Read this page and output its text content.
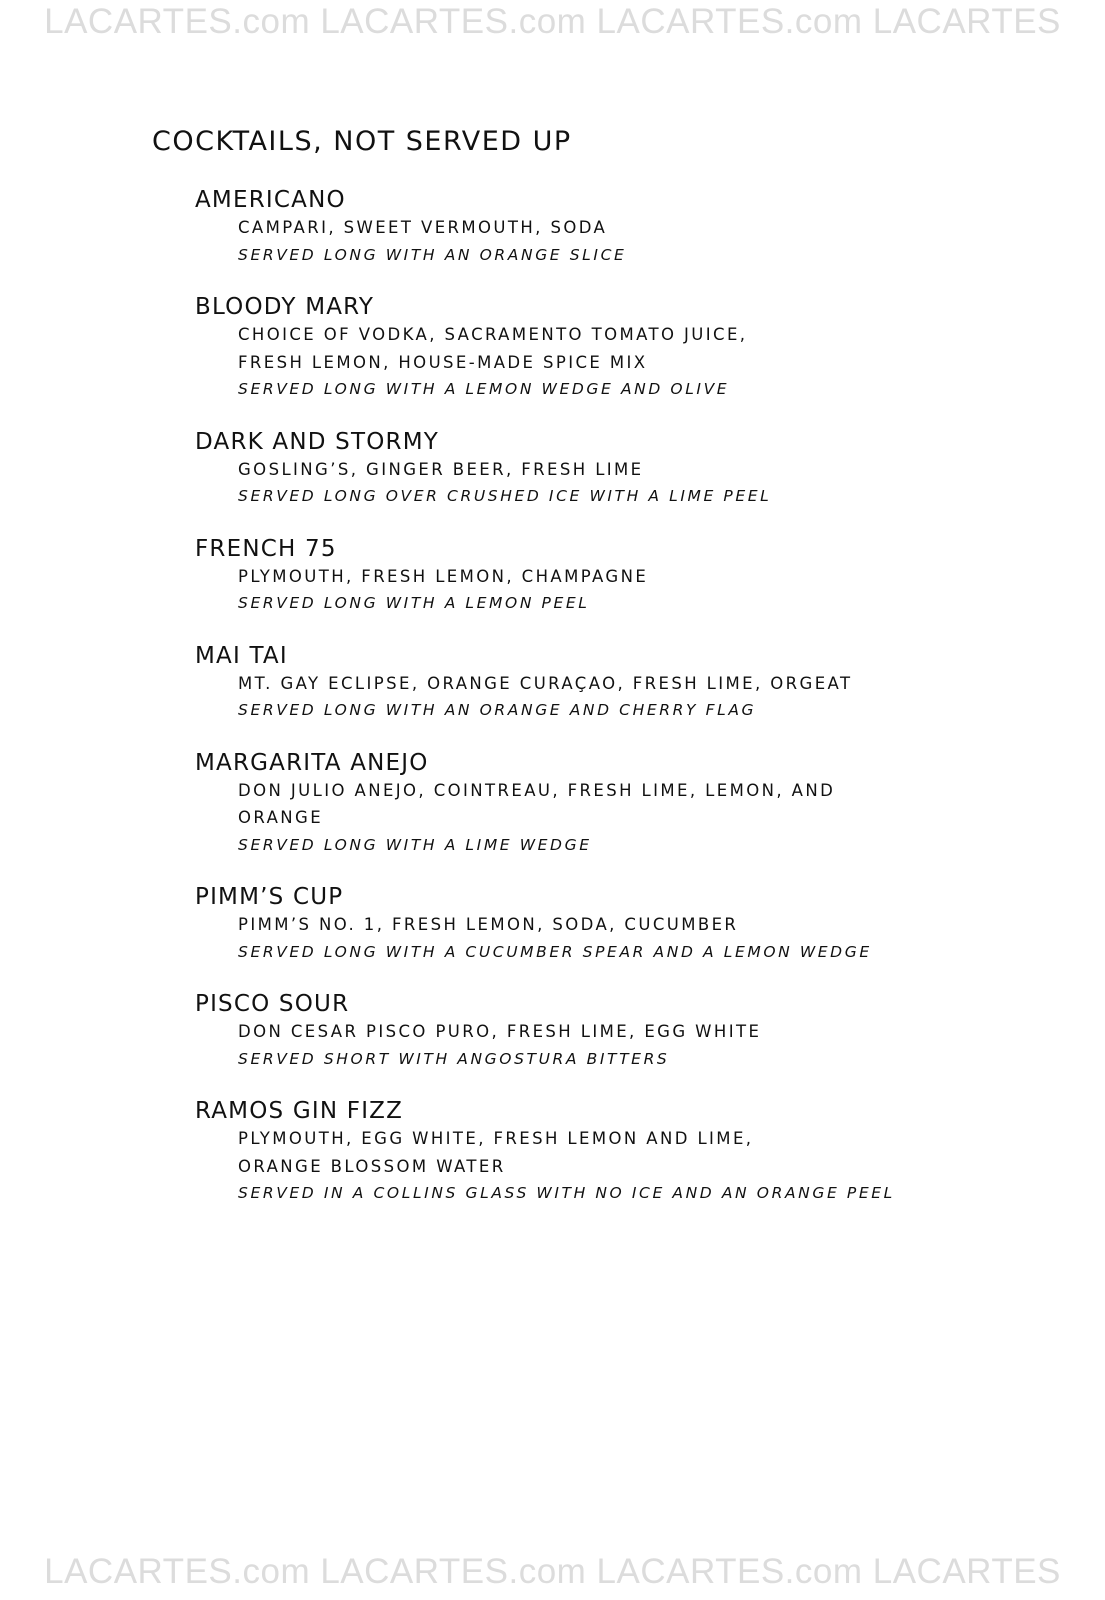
LACARTES.com LACARTES.com LACARTES.com LACARTES
COCKTAILS, NOT SERVED UP
AMERICANO
CAMPARI, SWEET VERMOUTH, SODA
SERVED LONG WITH AN ORANGE SLICE
BLOODY MARY
CHOICE OF VODKA, SACRAMENTO TOMATO JUICE,
FRESH LEMON, HOUSE-MADE SPICE MIX
SERVED LONG WITH A LEMON WEDGE AND OLIVE
DARK AND STORMY
GOSLING’S, GINGER BEER, FRESH LIME
SERVED LONG OVER CRUSHED ICE WITH A LIME PEEL
FRENCH 75
PLYMOUTH, FRESH LEMON, CHAMPAGNE
SERVED LONG WITH A LEMON PEEL
MAI TAI
MT. GAY ECLIPSE, ORANGE CURAÇAO, FRESH LIME, ORGEAT
SERVED LONG WITH AN ORANGE AND CHERRY FLAG
MARGARITA ANEJO
DON JULIO ANEJO, COINTREAU, FRESH LIME, LEMON, AND
ORANGE
SERVED LONG WITH A LIME WEDGE
PIMM’S CUP
PIMM’S NO. 1, FRESH LEMON, SODA, CUCUMBER
SERVED LONG WITH A CUCUMBER SPEAR AND A LEMON WEDGE
PISCO SOUR
DON CESAR PISCO PURO, FRESH LIME, EGG WHITE
SERVED SHORT WITH ANGOSTURA BITTERS
RAMOS GIN FIZZ
PLYMOUTH, EGG WHITE, FRESH LEMON AND LIME,
ORANGE BLOSSOM WATER
SERVED IN A COLLINS GLASS WITH NO ICE AND AN ORANGE PEEL
LACARTES.com LACARTES.com LACARTES.com LACARTES
